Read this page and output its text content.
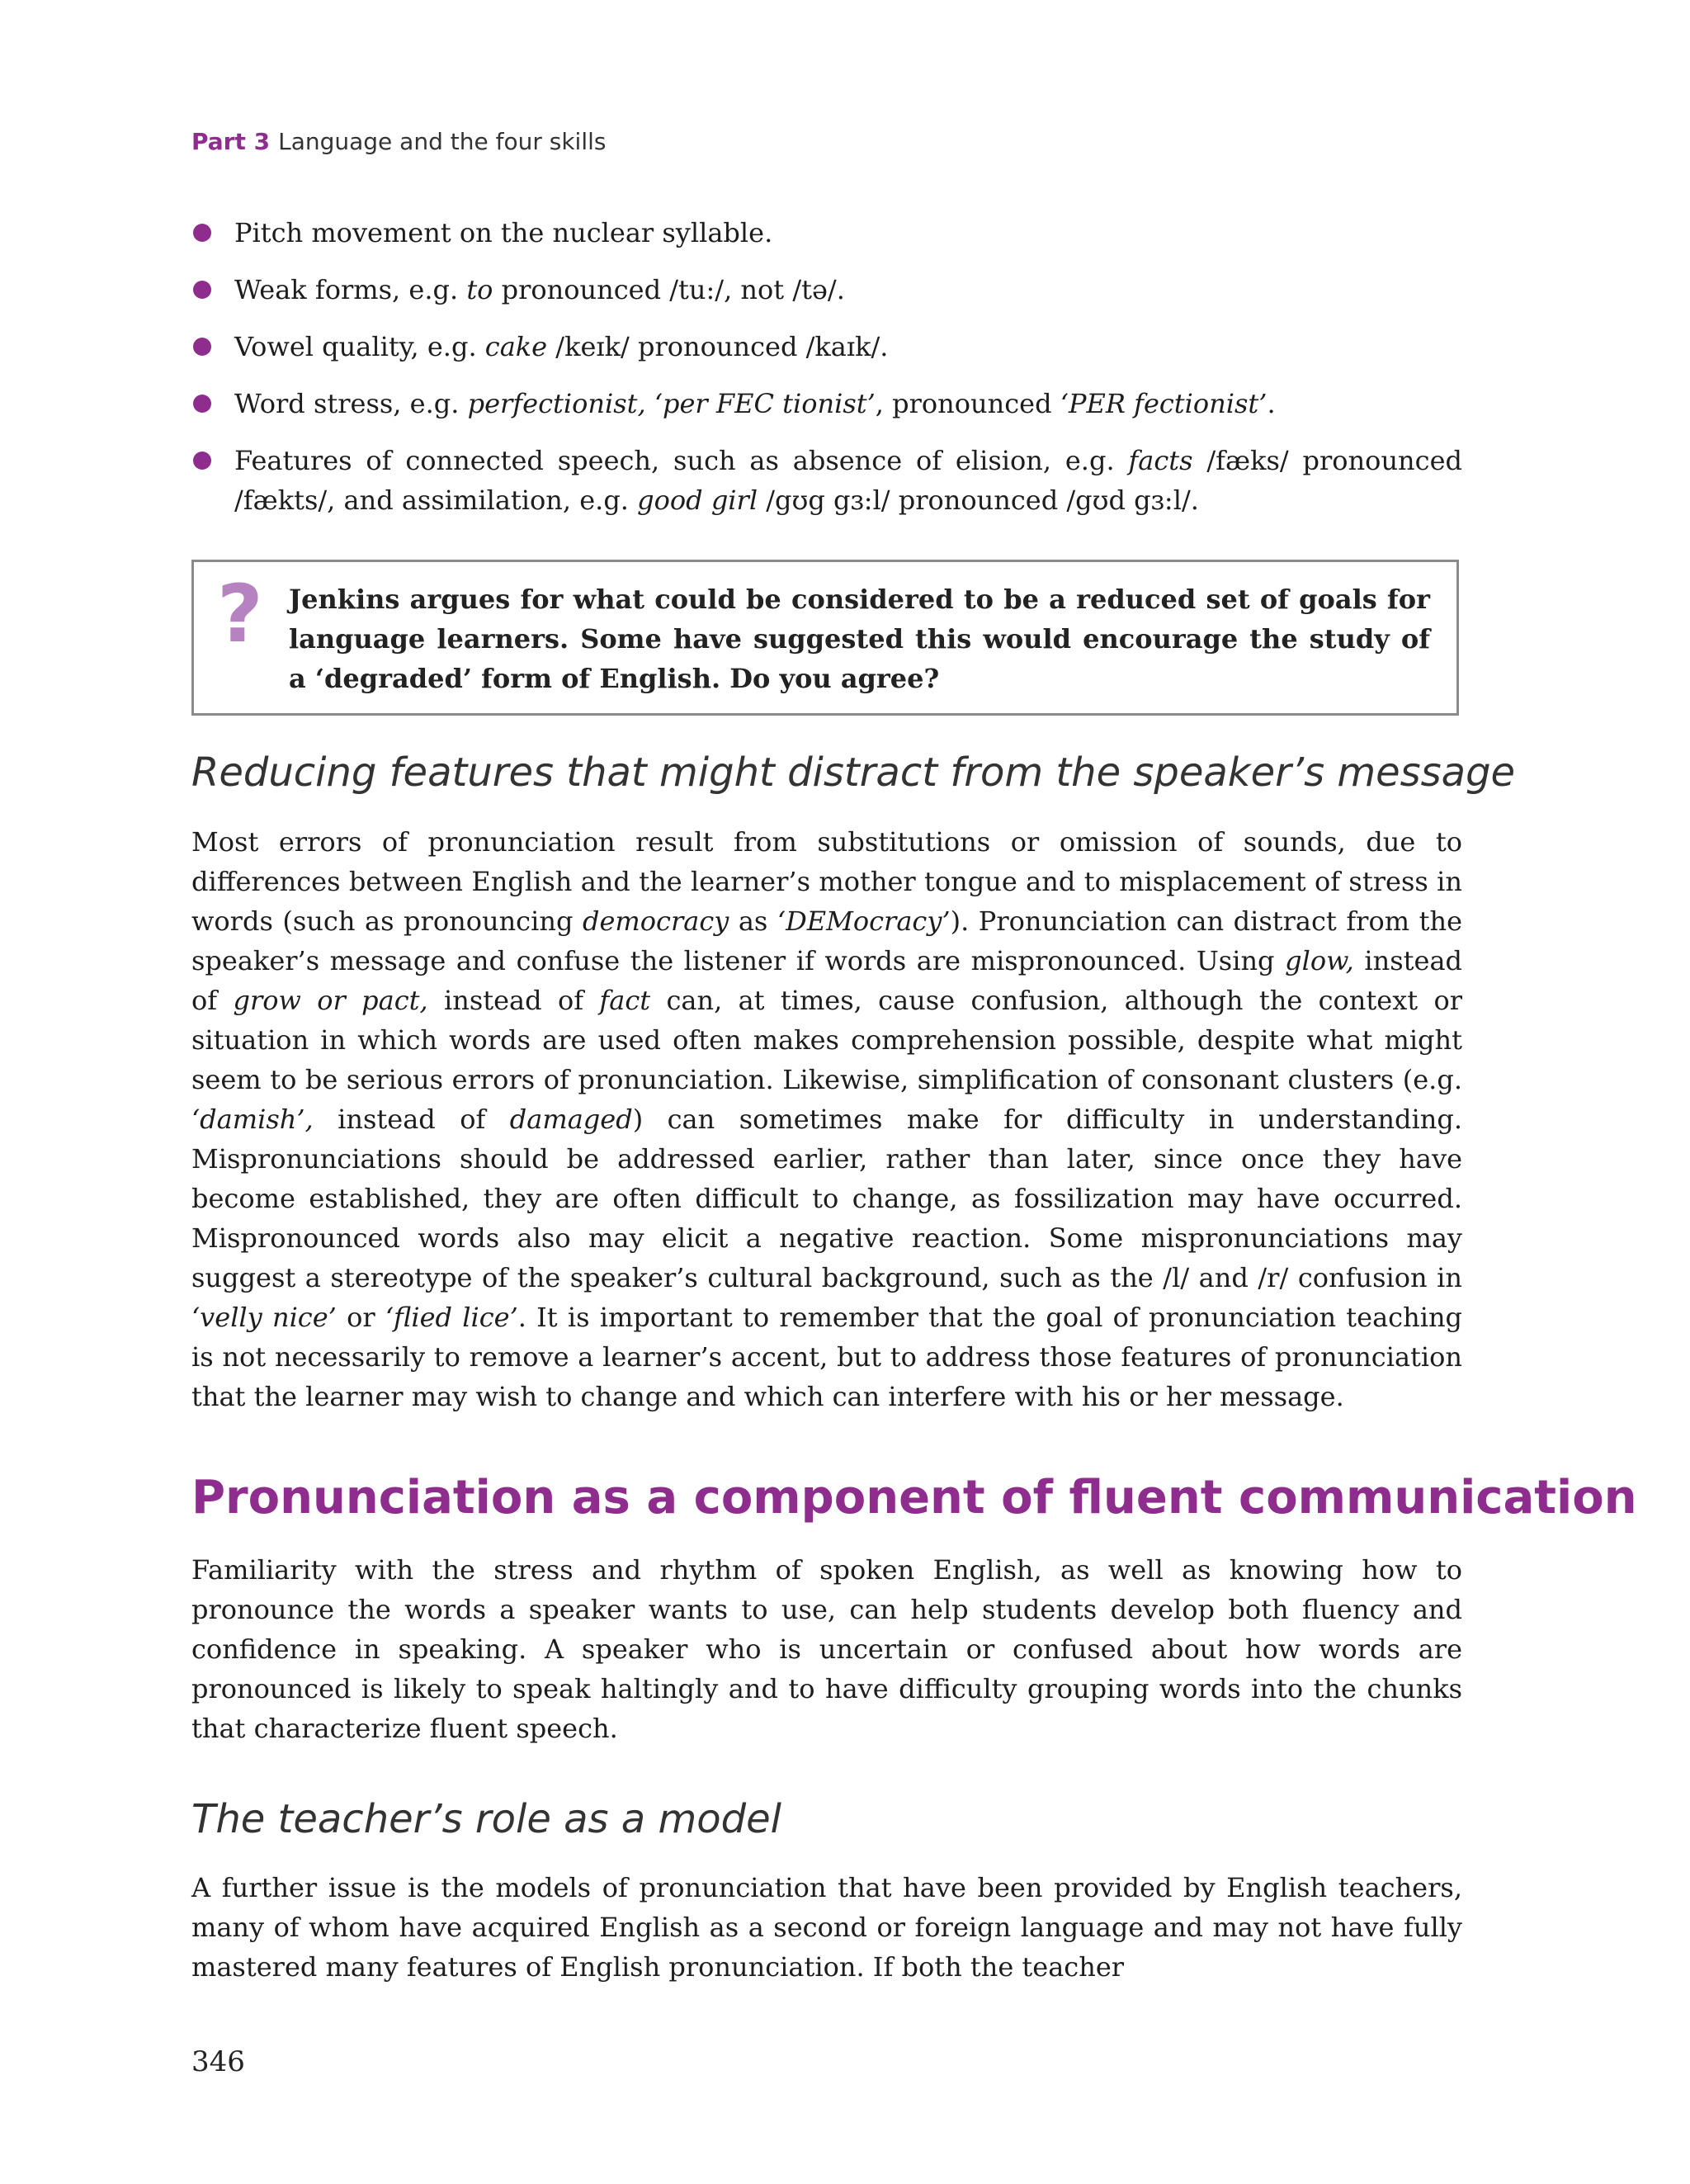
Part 3 Language and the four skills
Pitch movement on the nuclear syllable.
Weak forms, e.g. to pronounced /tu:/, not /tə/.
Vowel quality, e.g. cake /keɪk/ pronounced /kaɪk/.
Word stress, e.g. perfectionist, ‘per FEC tionist’, pronounced ‘PER fectionist’.
Features of connected speech, such as absence of elision, e.g. facts /fæks/ pronounced /fækts/, and assimilation, e.g. good girl /gʊg gɜ:l/ pronounced /gʊd gɜ:l/.
? Jenkins argues for what could be considered to be a reduced set of goals for language learners. Some have suggested this would encourage the study of a ‘degraded’ form of English. Do you agree?
Reducing features that might distract from the speaker’s message

Most errors of pronunciation result from substitutions or omission of sounds, due to differences between English and the learner’s mother tongue and to misplacement of stress in words (such as pronouncing democracy as ‘DEMocracy’). Pronunciation can distract from the speaker’s message and confuse the listener if words are mispronounced. Using glow, instead of grow or pact, instead of fact can, at times, cause confusion, although the context or situation in which words are used often makes comprehension possible, despite what might seem to be serious errors of pronunciation. Likewise, simplification of consonant clusters (e.g. ‘damish’, instead of damaged) can sometimes make for difficulty in understanding. Mispronunciations should be addressed earlier, rather than later, since once they have become established, they are often difficult to change, as fossilization may have occurred. Mispronounced words also may elicit a negative reaction. Some mispronunciations may suggest a stereotype of the speaker’s cultural background, such as the /l/ and /r/ confusion in ‘velly nice’ or ‘flied lice’. It is important to remember that the goal of pronunciation teaching is not necessarily to remove a learner’s accent, but to address those features of pronunciation that the learner may wish to change and which can interfere with his or her message.

Pronunciation as a component of fluent communication

Familiarity with the stress and rhythm of spoken English, as well as knowing how to pronounce the words a speaker wants to use, can help students develop both fluency and confidence in speaking. A speaker who is uncertain or confused about how words are pronounced is likely to speak haltingly and to have difficulty grouping words into the chunks that characterize fluent speech.

The teacher’s role as a model

A further issue is the models of pronunciation that have been provided by English teachers, many of whom have acquired English as a second or foreign language and may not have fully mastered many features of English pronunciation. If both the teacher

346
